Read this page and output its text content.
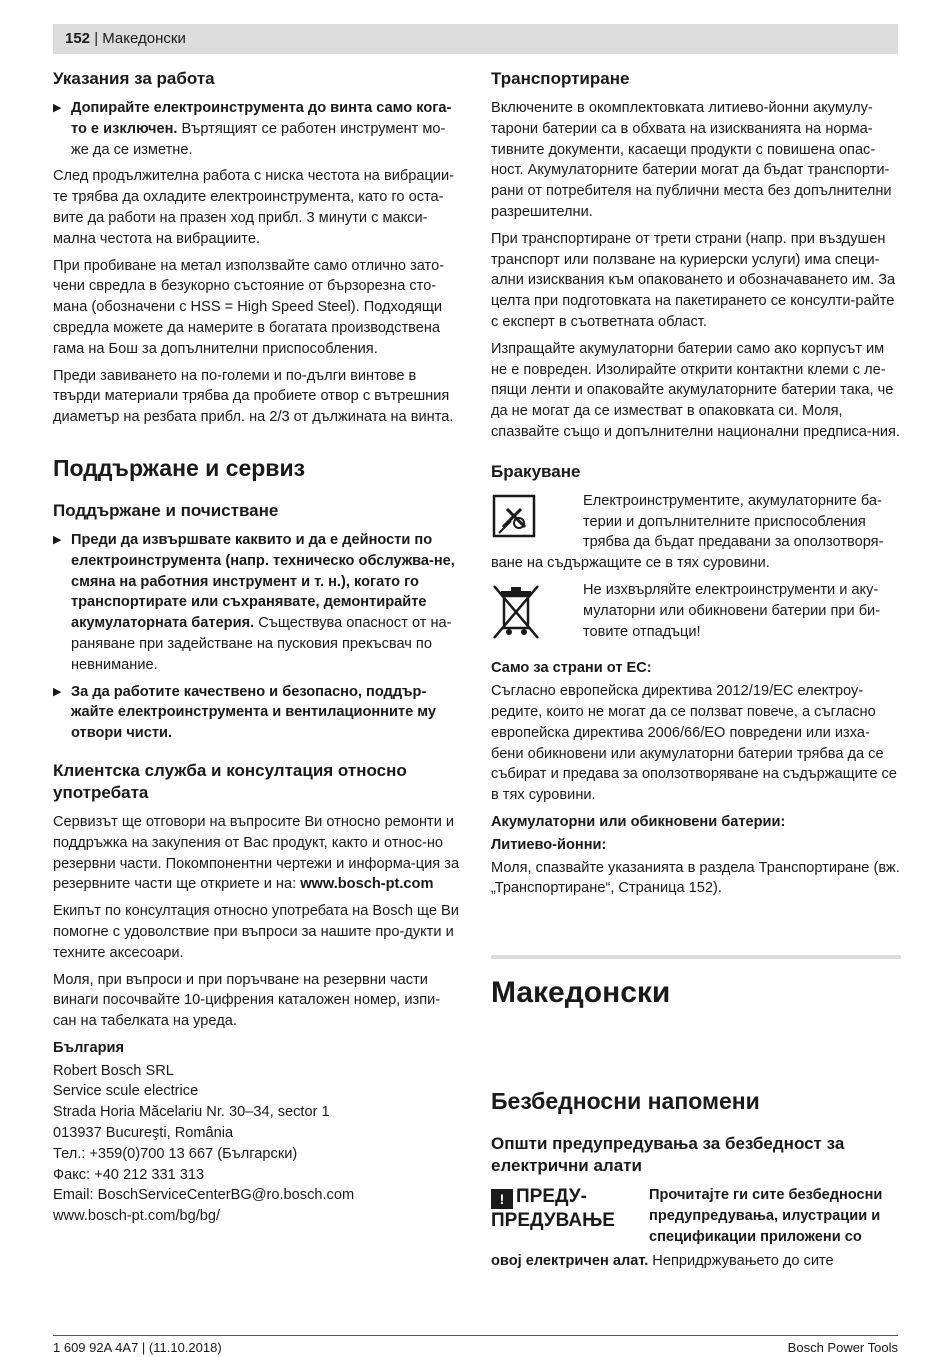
152 | Македонски
Указания за работа
▶ Допирайте електроинструмента до винта само кога-то е изключен. Въртящият се работен инструмент мо-же да се изметне.

След продължителна работа с ниска честота на вибрации-те трябва да охладите електроинструмента, като го оста-вите да работи на празен ход прибл. 3 минути с макси-мална честота на вибрациите.

При пробиване на метал използвайте само отлично зато-чени свредла в безукорно състояние от бързорезна сто-мана (обозначени с HSS = High Speed Steel). Подходящи свредла можете да намерите в богатата производствена гама на Бош за допълнителни приспособления.

Преди завиването на по-големи и по-дълги винтове в твърди материали трябва да пробиете отвор с вътрешния диаметър на резбата прибл. на 2/3 от дължината на винта.

Поддържане и сервиз
Поддържане и почистване
▶ Преди да извършвате каквито и да е дейности по електроинструмента (напр. техническо обслужва-не, смяна на работния инструмент и т. н.), когато го транспортирате или съхранявате, демонтирайте акумулаторната батерия. Съществува опасност от на-раняване при задействане на пусковия прекъсвач по невнимание.
▶ За да работите качествено и безопасно, поддър-жайте електроинструмента и вентилационните му отвори чисти.
Клиентска служба и консултация относно употребата

Сервизът ще отговори на въпросите Ви относно ремонти и поддръжка на закупения от Вас продукт, както и относ-но резервни части. Покомпонентни чертежи и информа-ция за резервните части ще откриете и на: www.bosch-pt.com

Екипът по консултация относно употребата на Bosch ще Ви помогне с удоволствие при въпроси за нашите про-дукти и техните аксесоари.

Моля, при въпроси и при поръчване на резервни части винаги посочвайте 10-цифрения каталожен номер, изпи-сан на табелката на уреда.

България

Robert Bosch SRL

Service scule electrice

Strada Horia Măcelariu Nr. 30–34, sector 1

013937 Bucureşti, România

Тел.: +359(0)700 13 667 (Български)

Факс: +40 212 331 313

Email: BoschServiceCenterBG@ro.bosch.com

www.bosch-pt.com/bg/bg/

Транспортиране

Включените в окомплектовката литиево-йонни акумулу-тарони батерии са в обхвата на изискванията на норма-тивните документи, касаещи продукти с повишена опас-ност. Акумулаторните батерии могат да бъдат транспорти-рани от потребителя на публични места без допълнителни разрешителни.

При транспортиране от трети страни (напр. при въздушен транспорт или ползване на куриерски услуги) има специ-ални изисквания към опаковането и обозначаването им. За целта при подготовката на пакетирането се консулти-райте с експерт в съответната област.

Изпращайте акумулаторни батерии само ако корпусът им не е повреден. Изолирайте открити контактни клеми с ле-пящи ленти и опаковайте акумулаторните батерии така, че да не могат да се изместват в опаковката си. Моля, спазвайте също и допълнителни национални предписа-ния.

Бракуване
Електроинструментите, акумулаторните ба-терии и допълнителните приспособления трябва да бъдат предавани за оползотворя-
ване на съдържащите се в тях суровини.
Не изхвърляйте електроинструменти и аку-мулаторни или обикновени батерии при би-товите отпадъци!
Само за страни от ЕС:

Съгласно европейска директива 2012/19/ЕС електроу-редите, които не могат да се ползват повече, а съгласно европейска директива 2006/66/ЕО повредени или изха-бени обикновени или акумулаторни батерии трябва да се събират и предава за оползотворяване на съдържащите се в тях суровини.

Акумулаторни или обикновени батерии:
Литиево-йонни:

Моля, спазвайте указанията в раздела Транспортиране (вж. „Транспортиране“, Страница 152).

Македонски
Безбедносни напомени
Општи предупредувања за безбедност за електрични алати
! ПРЕДУ-ПРЕДУВАЊЕ
Прочитајте ги сите безбедносни предупредувања, илустрации и спецификации приложени со

овој електричен алат. Непридржувањето до сите

1 609 92A 4A7 | (11.10.2018)	Bosch Power Tools
